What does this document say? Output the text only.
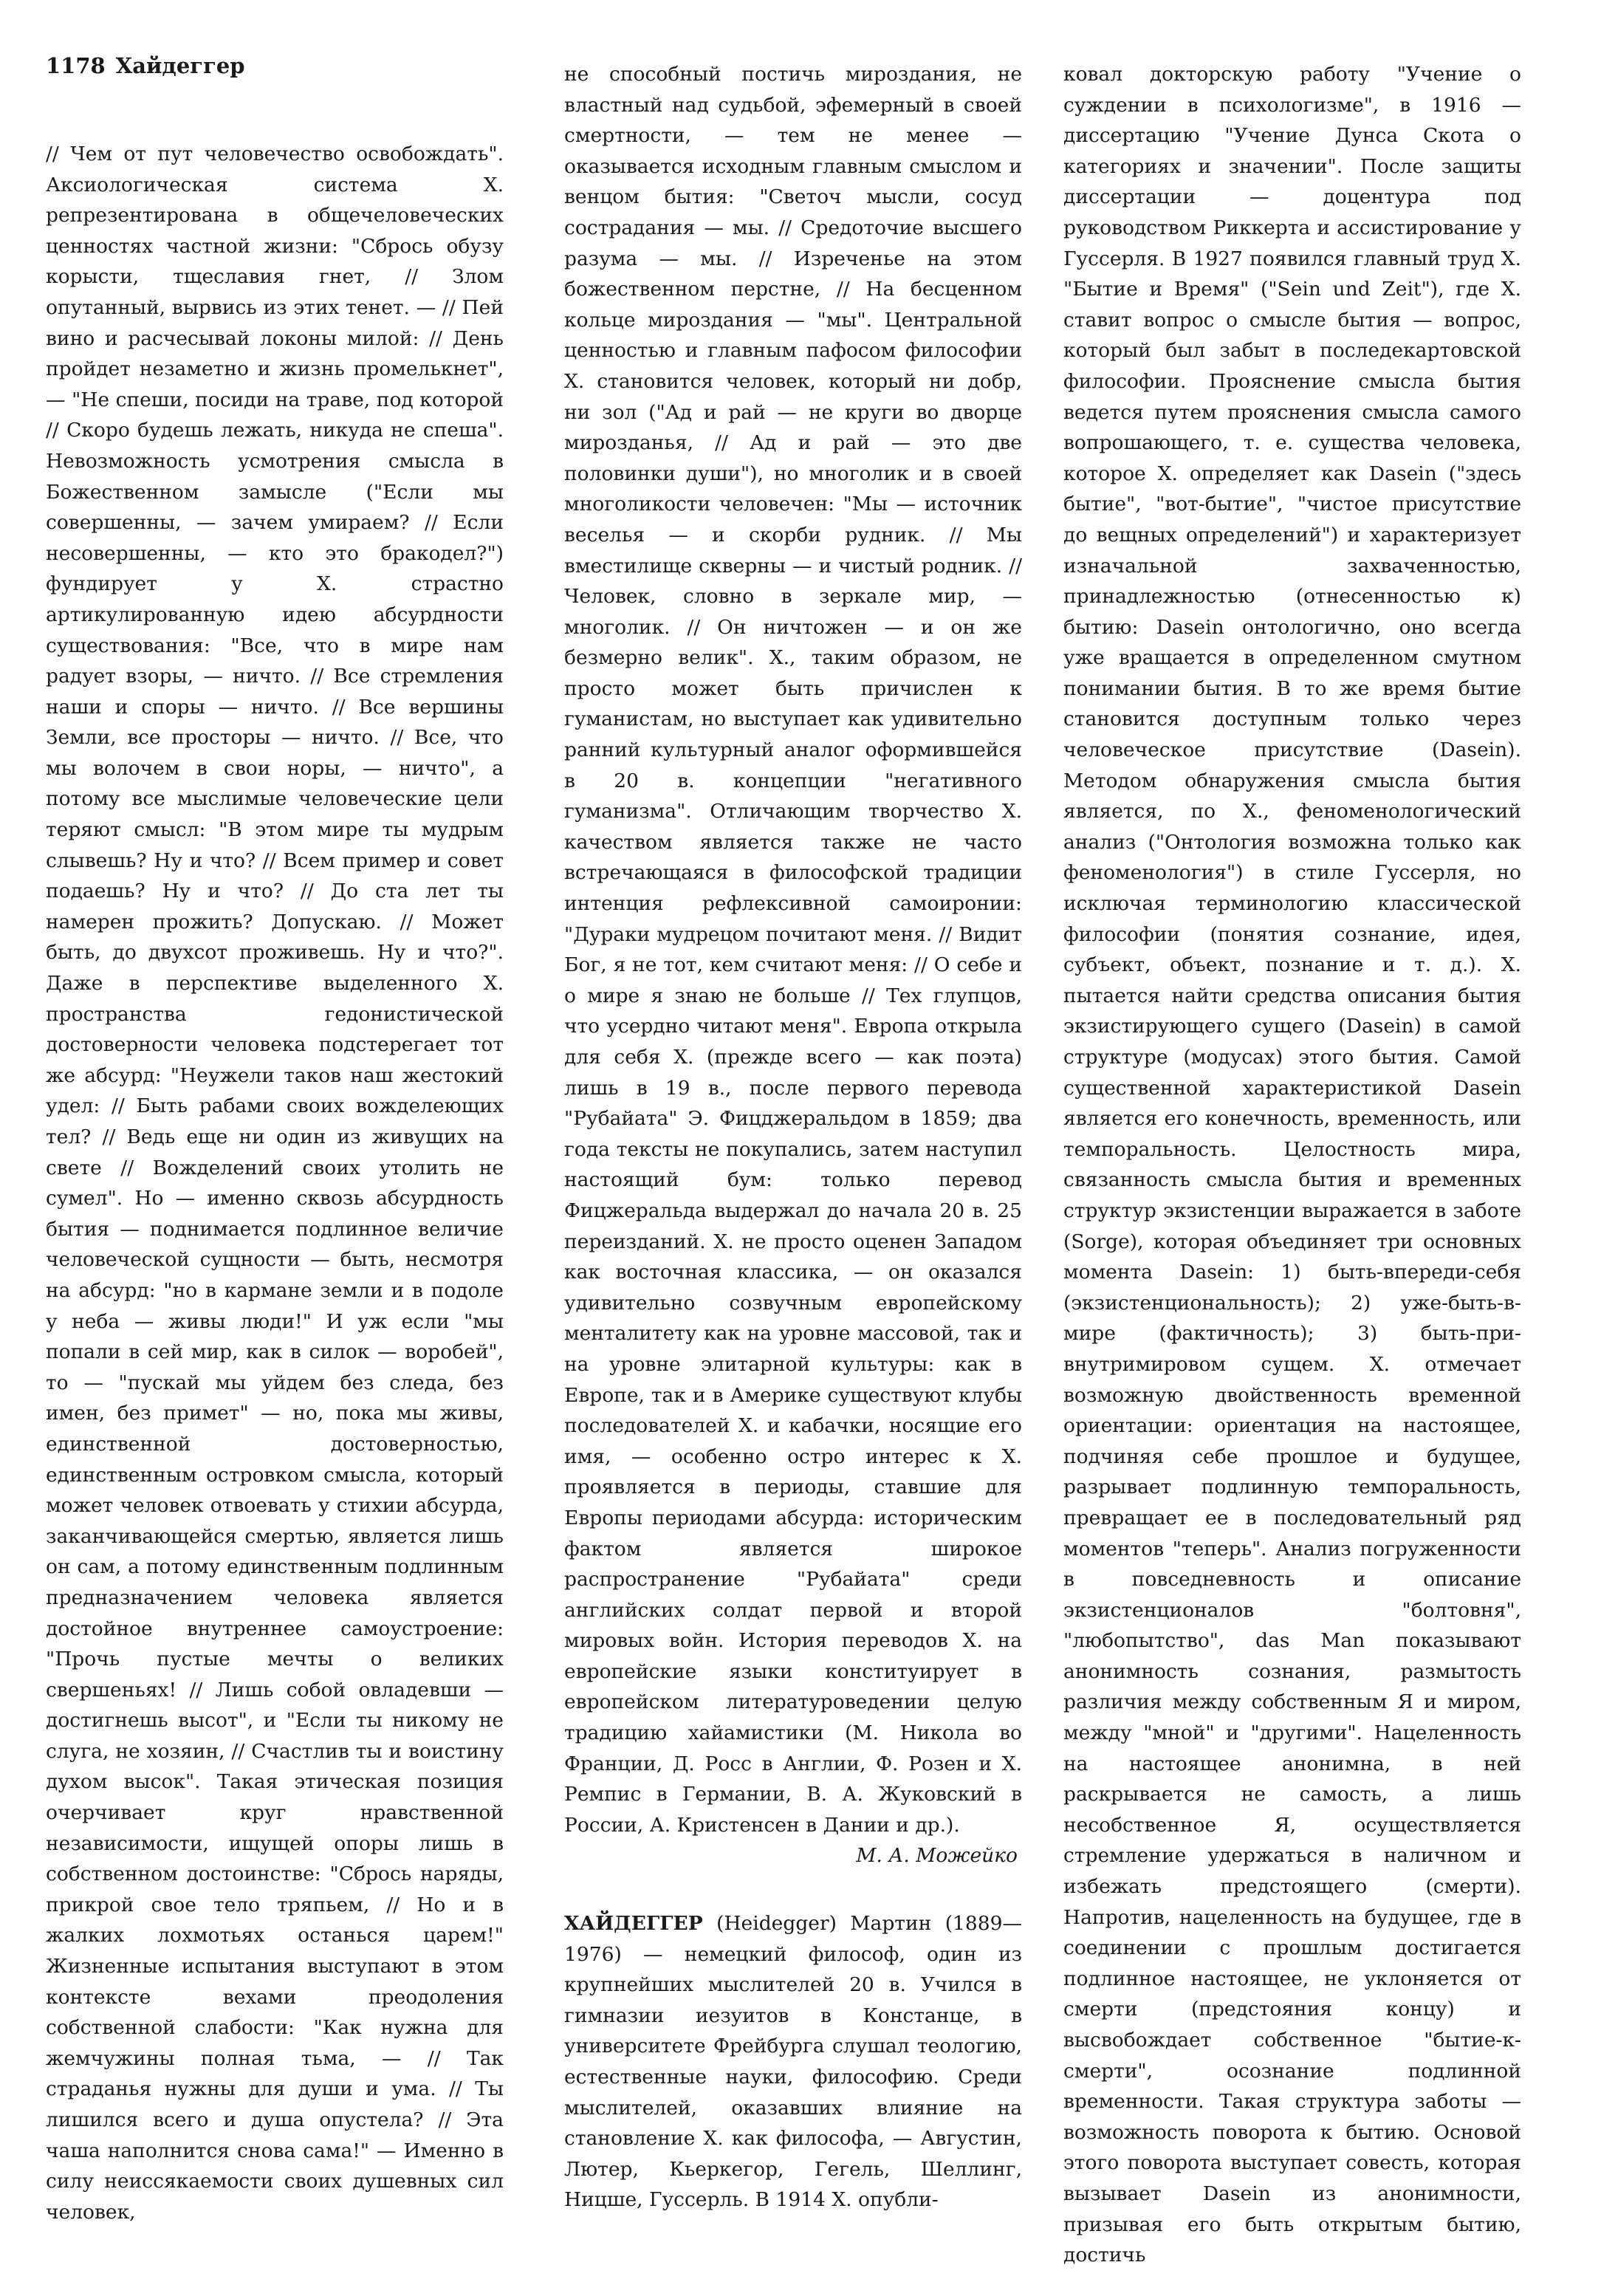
1178 Хайдеггер

// Чем от пут человечество освобождать". Аксиологическая система Х. репрезентирована в общечеловеческих ценностях частной жизни: "Сбрось обузу корысти, тщеславия гнет, // Злом опутанный, вырвись из этих тенет. — // Пей вино и расчесывай локоны милой: // День пройдет незаметно и жизнь промелькнет", — "Не спеши, посиди на траве, под которой // Скоро будешь лежать, никуда не спеша". Невозможность усмотрения смысла в Божественном замысле ("Если мы совершенны, — зачем умираем? // Если несовершенны, — кто это бракодел?") фундирует у Х. страстно артикулированную идею абсурдности существования: "Все, что в мире нам радует взоры, — ничто. // Все стремления наши и споры — ничто. // Все вершины Земли, все просторы — ничто. // Все, что мы волочем в свои норы, — ничто", а потому все мыслимые человеческие цели теряют смысл: "В этом мире ты мудрым слывешь? Ну и что? // Всем пример и совет подаешь? Ну и что? // До ста лет ты намерен прожить? Допускаю. // Может быть, до двухсот проживешь. Ну и что?". Даже в перспективе выделенного Х. пространства гедонистической достоверности человека подстерегает тот же абсурд: "Неужели таков наш жестокий удел: // Быть рабами своих вожделеющих тел? // Ведь еще ни один из живущих на свете // Вожделений своих утолить не сумел". Но — именно сквозь абсурдность бытия — поднимается подлинное величие человеческой сущности — быть, несмотря на абсурд: "но в кармане земли и в подоле у неба — живы люди!" И уж если "мы попали в сей мир, как в силок — воробей", то — "пускай мы уйдем без следа, без имен, без примет" — но, пока мы живы, единственной достоверностью, единственным островком смысла, который может человек отвоевать у стихии абсурда, заканчивающейся смертью, является лишь он сам, а потому единственным подлинным предназначением человека является достойное внутреннее самоустроение: "Прочь пустые мечты о великих свершеньях! // Лишь собой овладевши — достигнешь высот", и "Если ты никому не слуга, не хозяин, // Счастлив ты и воистину духом высок". Такая этическая позиция очерчивает круг нравственной независимости, ищущей опоры лишь в собственном достоинстве: "Сбрось наряды, прикрой свое тело тряпьем, // Но и в жалких лохмотьях останься царем!" Жизненные испытания выступают в этом контексте вехами преодоления собственной слабости: "Как нужна для жемчужины полная тьма, — // Так страданья нужны для души и ума. // Ты лишился всего и душа опустела? // Эта чаша наполнится снова сама!" — Именно в силу неиссякаемости своих душевных сил человек,

не способный постичь мироздания, не властный над судьбой, эфемерный в своей смертности, — тем не менее — оказывается исходным главным смыслом и венцом бытия: "Светоч мысли, сосуд сострадания — мы. // Средоточие высшего разума — мы. // Изреченье на этом божественном перстне, // На бесценном кольце мироздания — "мы". Центральной ценностью и главным пафосом философии Х. становится человек, который ни добр, ни зол ("Ад и рай — не круги во дворце мирозданья, // Ад и рай — это две половинки души"), но многолик и в своей многоликости человечен: "Мы — источник веселья — и скорби рудник. // Мы вместилище скверны — и чистый родник. // Человек, словно в зеркале мир, — многолик. // Он ничтожен — и он же безмерно велик". Х., таким образом, не просто может быть причислен к гуманистам, но выступает как удивительно ранний культурный аналог оформившейся в 20 в. концепции "негативного гуманизма". Отличающим творчество Х. качеством является также не часто встречающаяся в философской традиции интенция рефлексивной самоиронии: "Дураки мудрецом почитают меня. // Видит Бог, я не тот, кем считают меня: // О себе и о мире я знаю не больше // Тех глупцов, что усердно читают меня". Европа открыла для себя Х. (прежде всего — как поэта) лишь в 19 в., после первого перевода "Рубайата" Э. Фицджеральдом в 1859; два года тексты не покупались, затем наступил настоящий бум: только перевод Фицжеральда выдержал до начала 20 в. 25 переизданий. Х. не просто оценен Западом как восточная классика, — он оказался удивительно созвучным европейскому менталитету как на уровне массовой, так и на уровне элитарной культуры: как в Европе, так и в Америке существуют клубы последователей Х. и кабачки, носящие его имя, — особенно остро интерес к Х. проявляется в периоды, ставшие для Европы периодами абсурда: историческим фактом является широкое распространение "Рубайата" среди английских солдат первой и второй мировых войн. История переводов Х. на европейские языки конституирует в европейском литературоведении целую традицию хайамистики (М. Никола во Франции, Д. Росс в Англии, Ф. Розен и Х. Ремпис в Германии, В. А. Жуковский в России, А. Кристенсен в Дании и др.).

М. А. Можейко

ХАЙДЕГГЕР (Heidegger) Мартин (1889—1976) — немецкий философ, один из крупнейших мыслителей 20 в. Учился в гимназии иезуитов в Констанце, в университете Фрейбурга слушал теологию, естественные науки, философию. Среди мыслителей, оказавших влияние на становление Х. как философа, — Августин, Лютер, Кьеркегор, Гегель, Шеллинг, Ницше, Гуссерль. В 1914 Х. опубли-

ковал докторскую работу "Учение о суждении в психологизме", в 1916 — диссертацию "Учение Дунса Скота о категориях и значении". После защиты диссертации — доцентура под руководством Риккерта и ассистирование у Гуссерля. В 1927 появился главный труд Х. "Бытие и Время" ("Sein und Zeit"), где Х. ставит вопрос о смысле бытия — вопрос, который был забыт в последекартовской философии. Прояснение смысла бытия ведется путем прояснения смысла самого вопрошающего, т. е. существа человека, которое Х. определяет как Dasein ("здесь бытие", "вот-бытие", "чистое присутствие до вещных определений") и характеризует изначальной захваченностью, принадлежностью (отнесенностью к) бытию: Dasein онтологично, оно всегда уже вращается в определенном смутном понимании бытия. В то же время бытие становится доступным только через человеческое присутствие (Dasein). Методом обнаружения смысла бытия является, по Х., феноменологический анализ ("Онтология возможна только как феноменология") в стиле Гуссерля, но исключая терминологию классической философии (понятия сознание, идея, субъект, объект, познание и т. д.). Х. пытается найти средства описания бытия экзистирующего сущего (Dasein) в самой структуре (модусах) этого бытия. Самой существенной характеристикой Dasein является его конечность, временность, или темпоральность. Целостность мира, связанность смысла бытия и временных структур экзистенции выражается в заботе (Sorge), которая объединяет три основных момента Dasein: 1) быть-впереди-себя (экзистенциональность); 2) уже-быть-в-мире (фактичность); 3) быть-при-внутримировом сущем. Х. отмечает возможную двойственность временной ориентации: ориентация на настоящее, подчиняя себе прошлое и будущее, разрывает подлинную темпоральность, превращает ее в последовательный ряд моментов "теперь". Анализ погруженности в повседневность и описание экзистенционалов "болтовня", "любопытство", das Man показывают анонимность сознания, размытость различия между собственным Я и миром, между "мной" и "другими". Нацеленность на настоящее анонимна, в ней раскрывается не самость, а лишь несобственное Я, осуществляется стремление удержаться в наличном и избежать предстоящего (смерти). Напротив, нацеленность на будущее, где в соединении с прошлым достигается подлинное настоящее, не уклоняется от смерти (предстояния концу) и высвобождает собственное "бытие-к-смерти", осознание подлинной временности. Такая структура заботы — возможность поворота к бытию. Основой этого поворота выступает совесть, которая вызывает Dasein из анонимности, призывая его быть открытым бытию, достичь
